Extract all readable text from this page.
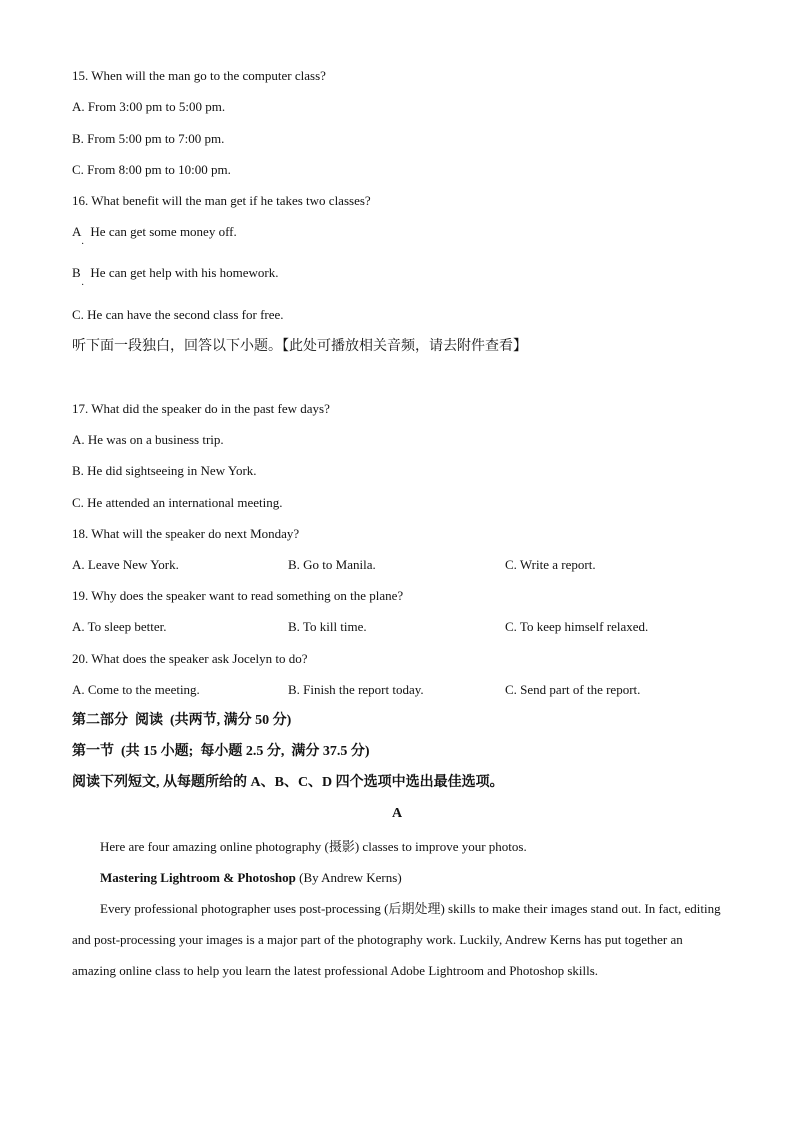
15. When will the man go to the computer class?
A. From 3:00 pm to 5:00 pm.
B. From 5:00 pm to 7:00 pm.
C. From 8:00 pm to 10:00 pm.
16. What benefit will the man get if he takes two classes?
A   He can get some money off.
·
B   He can get help with his homework.
·
C. He can have the second class for free.
听下面一段独白，回答以下小题。【此处可播放相关音频，请去附件查看】
17. What did the speaker do in the past few days?
A. He was on a business trip.
B. He did sightseeing in New York.
C. He attended an international meeting.
18. What will the speaker do next Monday?
A. Leave New York.	B. Go to Manila.	C. Write a report.
19. Why does the speaker want to read something on the plane?
A. To sleep better.	B. To kill time.	C. To keep himself relaxed.
20. What does the speaker ask Jocelyn to do?
A. Come to the meeting.	B. Finish the report today.	C. Send part of the report.
第二部分  阅读  (共两节, 满分 50 分)
第一节  (共 15 小题;  每小题 2.5 分,  满分 37.5 分)
阅读下列短文, 从每题所给的 A、B、C、D 四个选项中选出最佳选项。
A

Here are four amazing online photography (摄影) classes to improve your photos.

Mastering Lightroom & Photoshop (By Andrew Kerns)

Every professional photographer uses post-processing (后期处理) skills to make their images stand out. In fact, editing and post-processing your images is a major part of the photography work. Luckily, Andrew Kerns has put together an amazing online class to help you learn the latest professional Adobe Lightroom and Photoshop skills.
